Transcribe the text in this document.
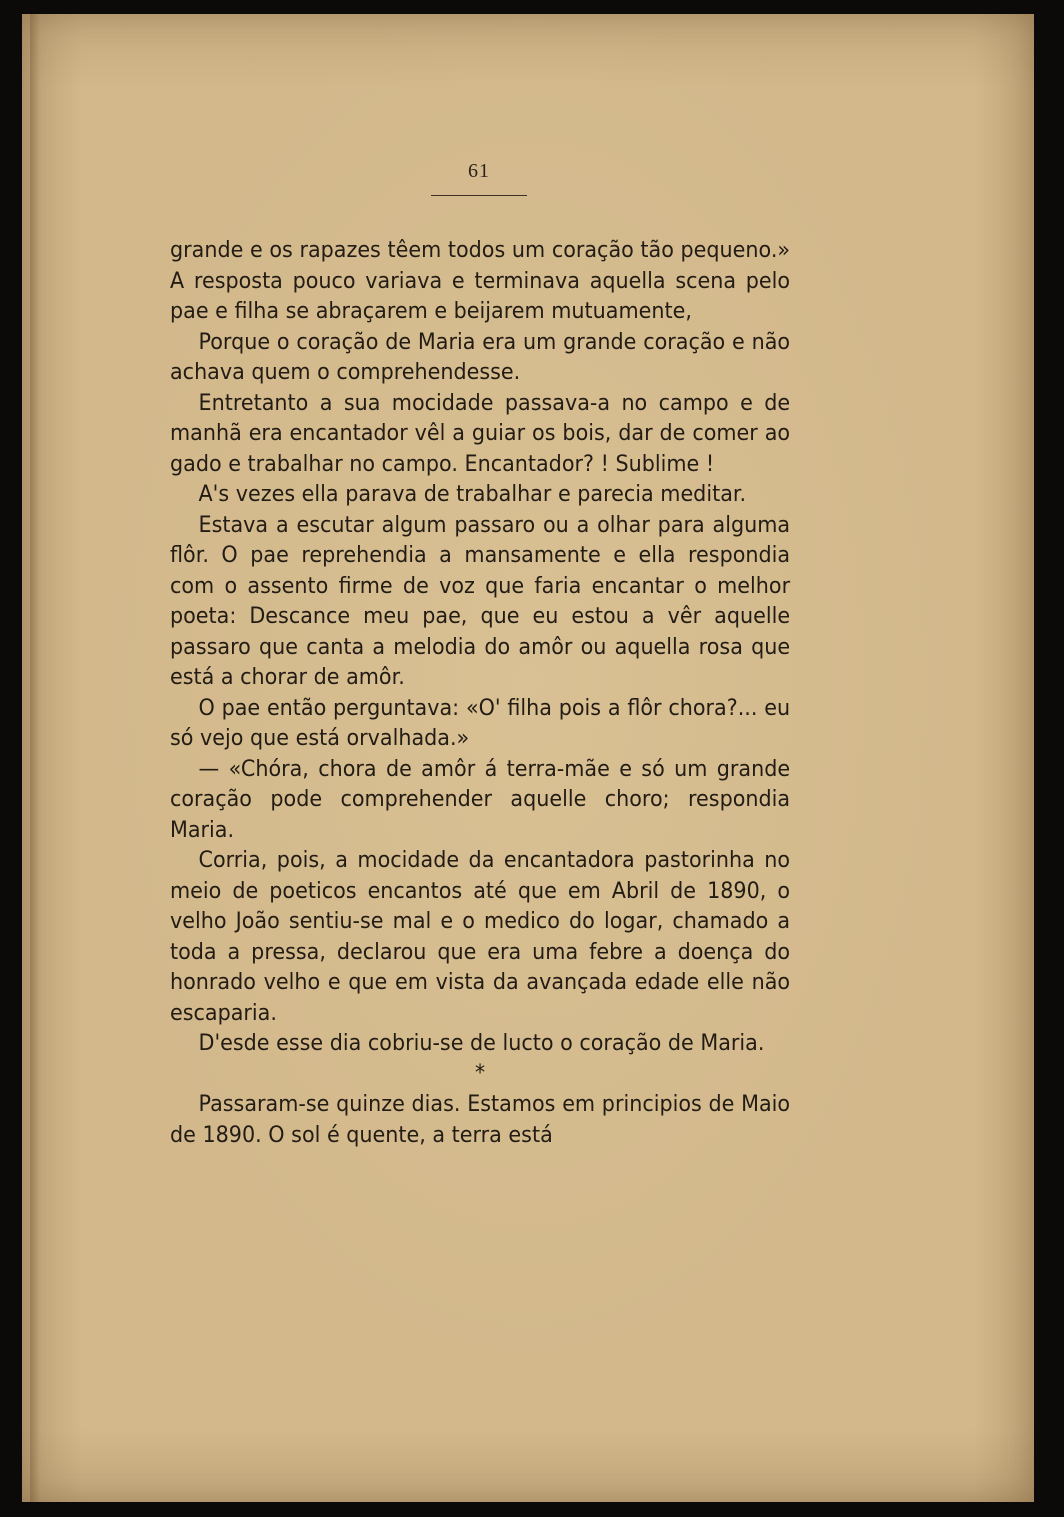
61

grande e os rapazes têem todos um coração tão pequeno.» A resposta pouco variava e terminava aquella scena pelo pae e filha se abraçarem e beijarem mutuamente,

Porque o coração de Maria era um grande coração e não achava quem o comprehendesse.

Entretanto a sua mocidade passava-a no campo e de manhã era encantador vêl a guiar os bois, dar de comer ao gado e trabalhar no campo. Encantador? ! Sublime !

A's vezes ella parava de trabalhar e parecia meditar.

Estava a escutar algum passaro ou a olhar para alguma flôr. O pae reprehendia a mansamente e ella respondia com o assento firme de voz que faria encantar o melhor poeta: Descance meu pae, que eu estou a vêr aquelle passaro que canta a melodia do amôr ou aquella rosa que está a chorar de amôr.

O pae então perguntava: «O' filha pois a flôr chora?... eu só vejo que está orvalhada.»

— «Chóra, chora de amôr á terra-mãe e só um grande coração pode comprehender aquelle choro; respondia Maria.

Corria, pois, a mocidade da encantadora pastorinha no meio de poeticos encantos até que em Abril de 1890, o velho João sentiu-se mal e o medico do logar, chamado a toda a pressa, declarou que era uma febre a doença do honrado velho e que em vista da avançada edade elle não escaparia.

D'esde esse dia cobriu-se de lucto o coração de Maria.

*

Passaram-se quinze dias. Estamos em principios de Maio de 1890. O sol é quente, a terra está
